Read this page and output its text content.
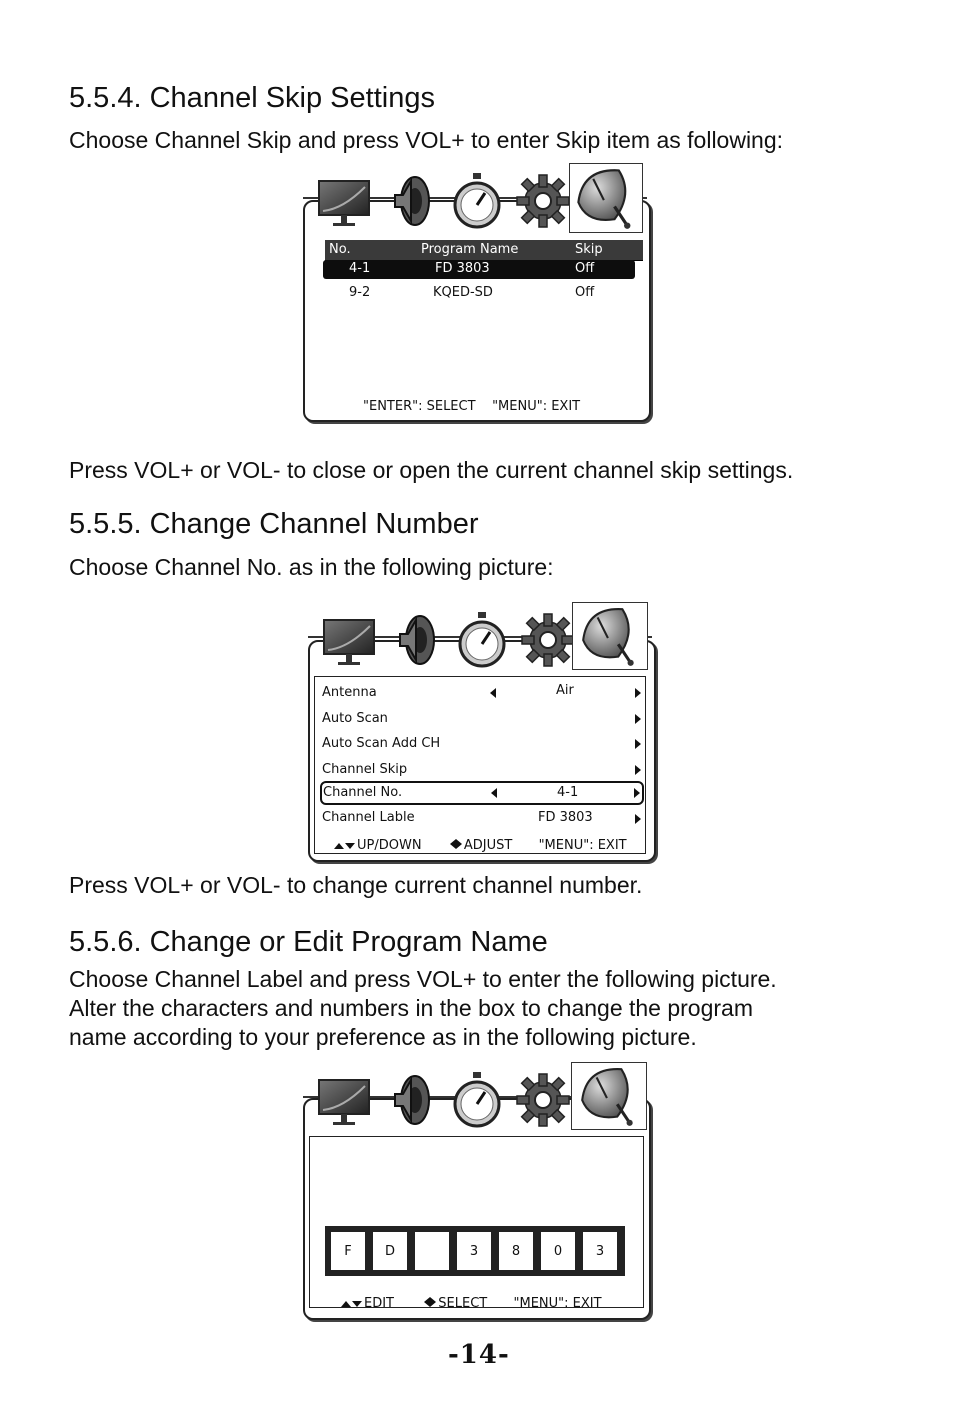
5.5.4. Channel Skip Settings
Choose Channel Skip and press VOL+ to enter Skip item as following:
No.	Program Name	Skip
4-1	FD 3803	Off
9-2	KQED-SD	Off
"ENTER": SELECT    "MENU": EXIT
Press VOL+ or VOL- to close or open the current channel skip settings.
5.5.5. Change Channel Number
Choose Channel No. as in the following picture:
Antenna	Air
Auto Scan
Auto Scan Add CH
Channel Skip
Channel No.	4-1
Channel Lable	FD 3803
UP/DOWN	ADJUST "MENU": EXIT
Press VOL+ or VOL- to change current channel number.
5.5.6. Change or Edit Program Name
Choose Channel Label and press VOL+ to enter the following picture.
Alter the characters and numbers in the box to change the program
name according to your preference as in the following picture.
F	D	3	8	0	3
EDIT	SELECT "MENU": EXIT
-14-
